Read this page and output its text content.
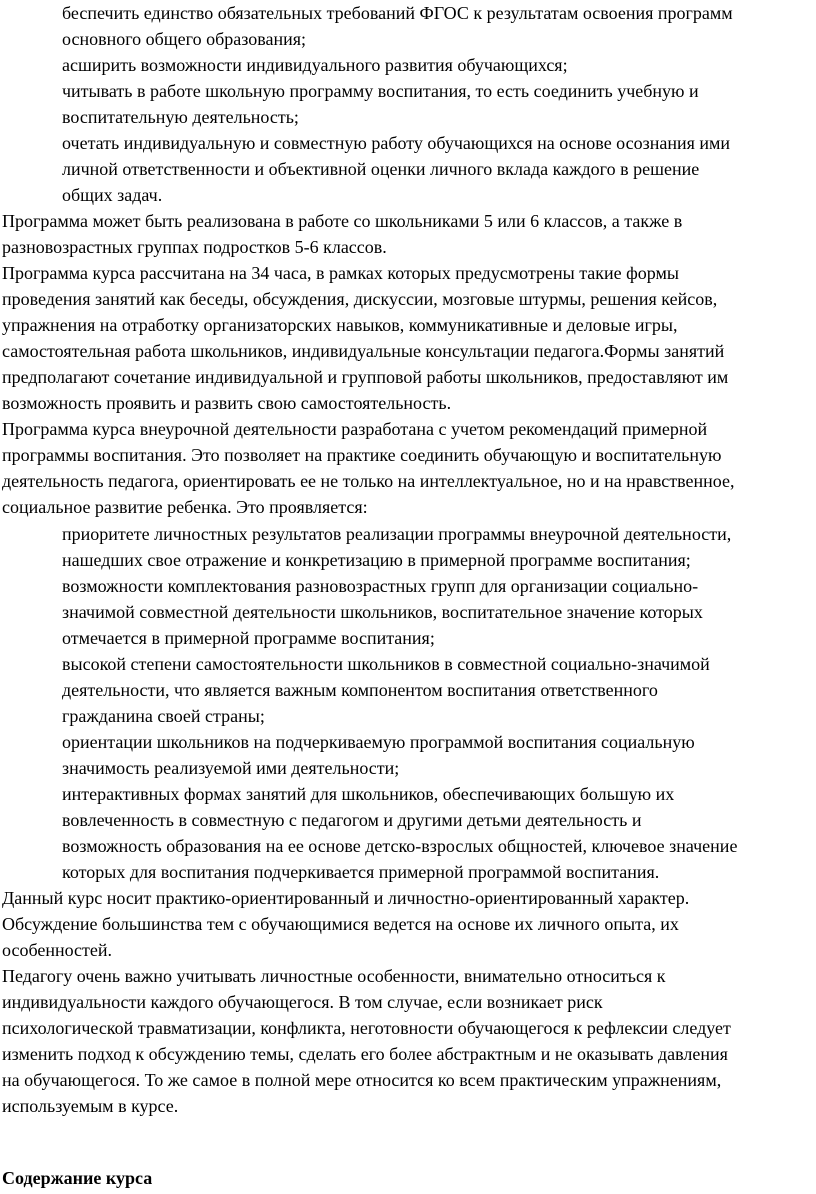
беспечить единство обязательных требований ФГОС к результатам освоения программ
основного общего образования;
асширить возможности индивидуального развития обучающихся;
читывать в работе школьную программу воспитания, то есть соединить учебную и
воспитательную деятельность;
очетать индивидуальную и совместную работу обучающихся на основе осознания ими
личной ответственности и объективной оценки личного вклада каждого в решение
общих задач.
Программа может быть реализована в работе со школьниками 5 или 6 классов, а также в
разновозрастных группах подростков 5-6 классов.
Программа курса рассчитана на 34 часа, в рамках которых предусмотрены такие формы
проведения занятий как беседы, обсуждения, дискуссии, мозговые штурмы, решения кейсов,
упражнения на отработку организаторских навыков, коммуникативные и деловые игры,
самостоятельная работа школьников, индивидуальные консультации педагога.Формы занятий
предполагают сочетание индивидуальной и групповой работы школьников, предоставляют им
возможность проявить и развить свою самостоятельность.
Программа курса внеурочной деятельности разработана с учетом рекомендаций примерной
программы воспитания. Это позволяет на практике соединить обучающую и воспитательную
деятельность педагога, ориентировать ее не только на интеллектуальное, но и на нравственное,
социальное развитие ребенка. Это проявляется:
приоритете личностных результатов реализации программы внеурочной деятельности,
нашедших свое отражение и конкретизацию в примерной программе воспитания;
возможности комплектования разновозрастных групп для организации социально-
значимой совместной деятельности школьников, воспитательное значение которых
отмечается в примерной программе воспитания;
высокой степени самостоятельности школьников в совместной социально-значимой
деятельности, что является важным компонентом воспитания ответственного
гражданина своей страны;
ориентации школьников на подчеркиваемую программой воспитания социальную
значимость реализуемой ими деятельности;
интерактивных формах занятий для школьников, обеспечивающих большую их
вовлеченность в совместную с педагогом и другими детьми деятельность и
возможность образования на ее основе детско-взрослых общностей, ключевое значение
которых для воспитания подчеркивается примерной программой воспитания.
Данный курс носит практико-ориентированный и личностно-ориентированный характер.
Обсуждение большинства тем с обучающимися ведется на основе их личного опыта, их
особенностей.
Педагогу очень важно учитывать личностные особенности, внимательно относиться к
индивидуальности каждого обучающегося. В том случае, если возникает риск
психологической травматизации, конфликта, неготовности обучающегося к рефлексии следует
изменить подход к обсуждению темы, сделать его более абстрактным и не оказывать давления
на обучающегося. То же самое в полной мере относится ко всем практическим упражнениям,
используемым в курсе.
Содержание курса
